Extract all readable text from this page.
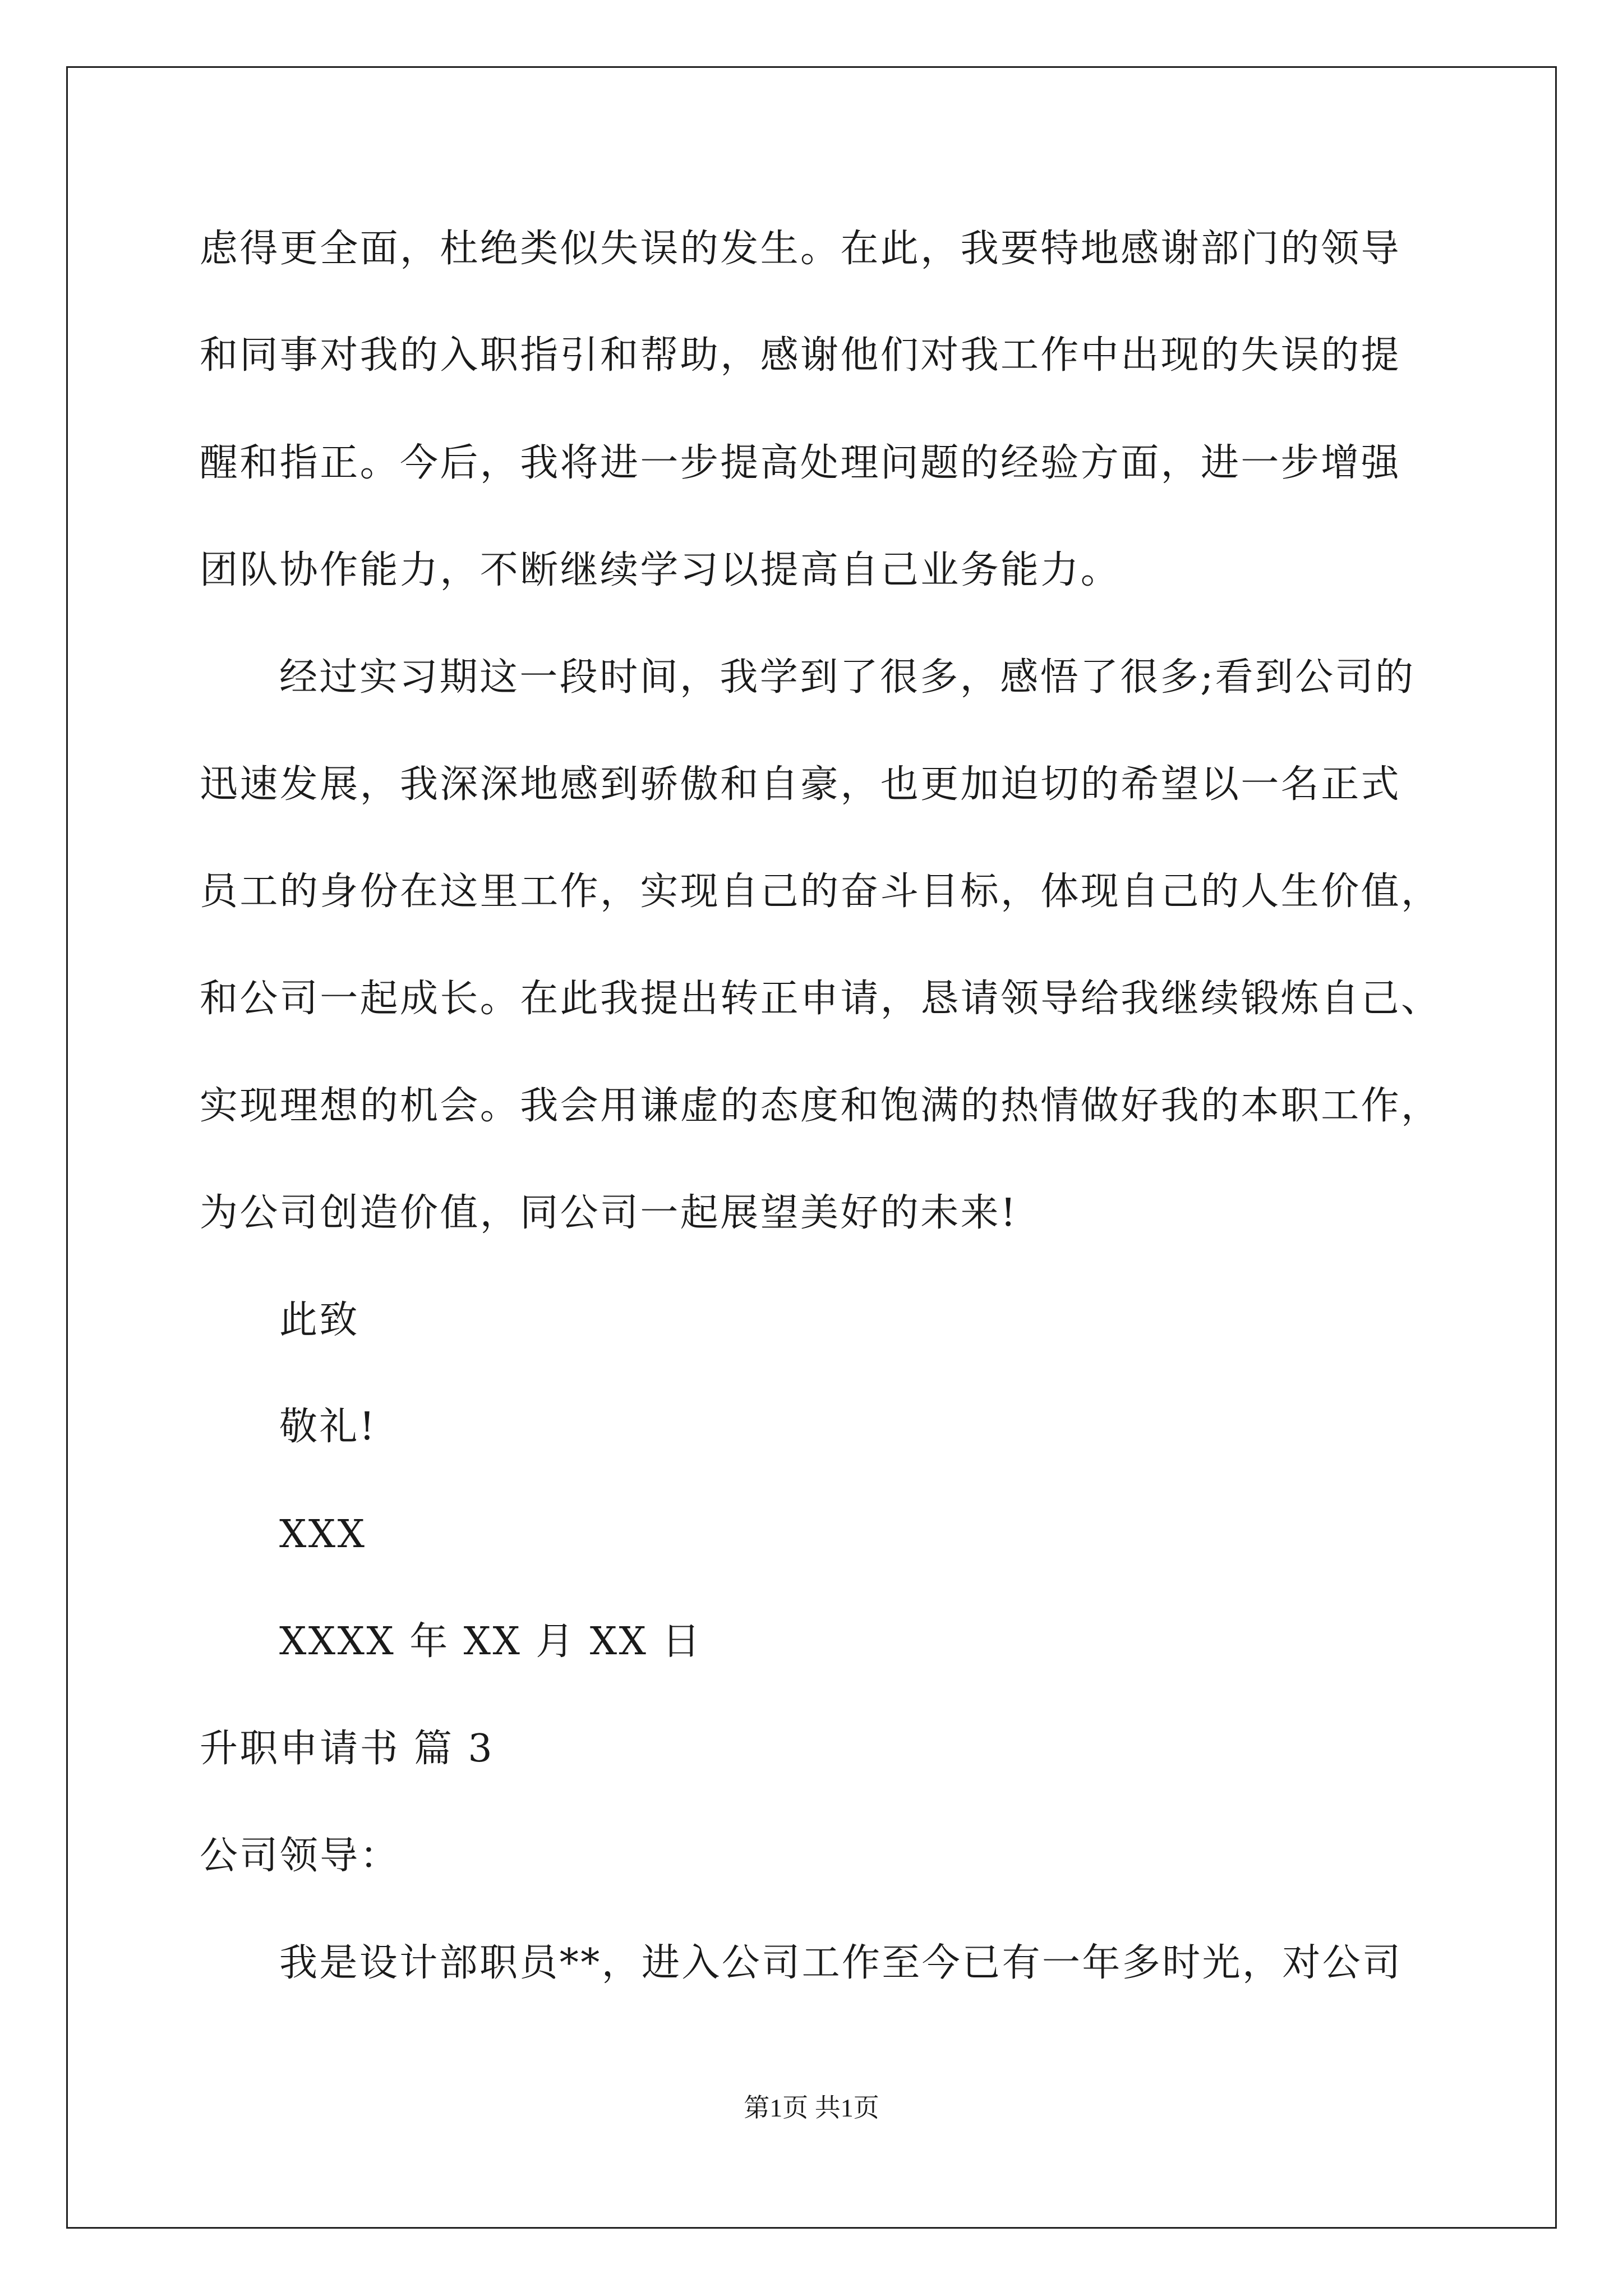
虑得更全面，杜绝类似失误的发生。在此，我要特地感谢部门的领导
和同事对我的入职指引和帮助，感谢他们对我工作中出现的失误的提
醒和指正。今后，我将进一步提高处理问题的经验方面，进一步增强
团队协作能力，不断继续学习以提高自己业务能力。
经过实习期这一段时间，我学到了很多，感悟了很多;看到公司的
迅速发展，我深深地感到骄傲和自豪，也更加迫切的希望以一名正式
员工的身份在这里工作，实现自己的奋斗目标，体现自己的人生价值，
和公司一起成长。在此我提出转正申请，恳请领导给我继续锻炼自己、
实现理想的机会。我会用谦虚的态度和饱满的热情做好我的本职工作，
为公司创造价值，同公司一起展望美好的未来!
此致
敬礼!
XXX
XXXX 年 XX 月 XX 日
升职申请书 篇 3
公司领导：
我是设计部职员**，进入公司工作至今已有一年多时光，对公司
第1页 共1页
